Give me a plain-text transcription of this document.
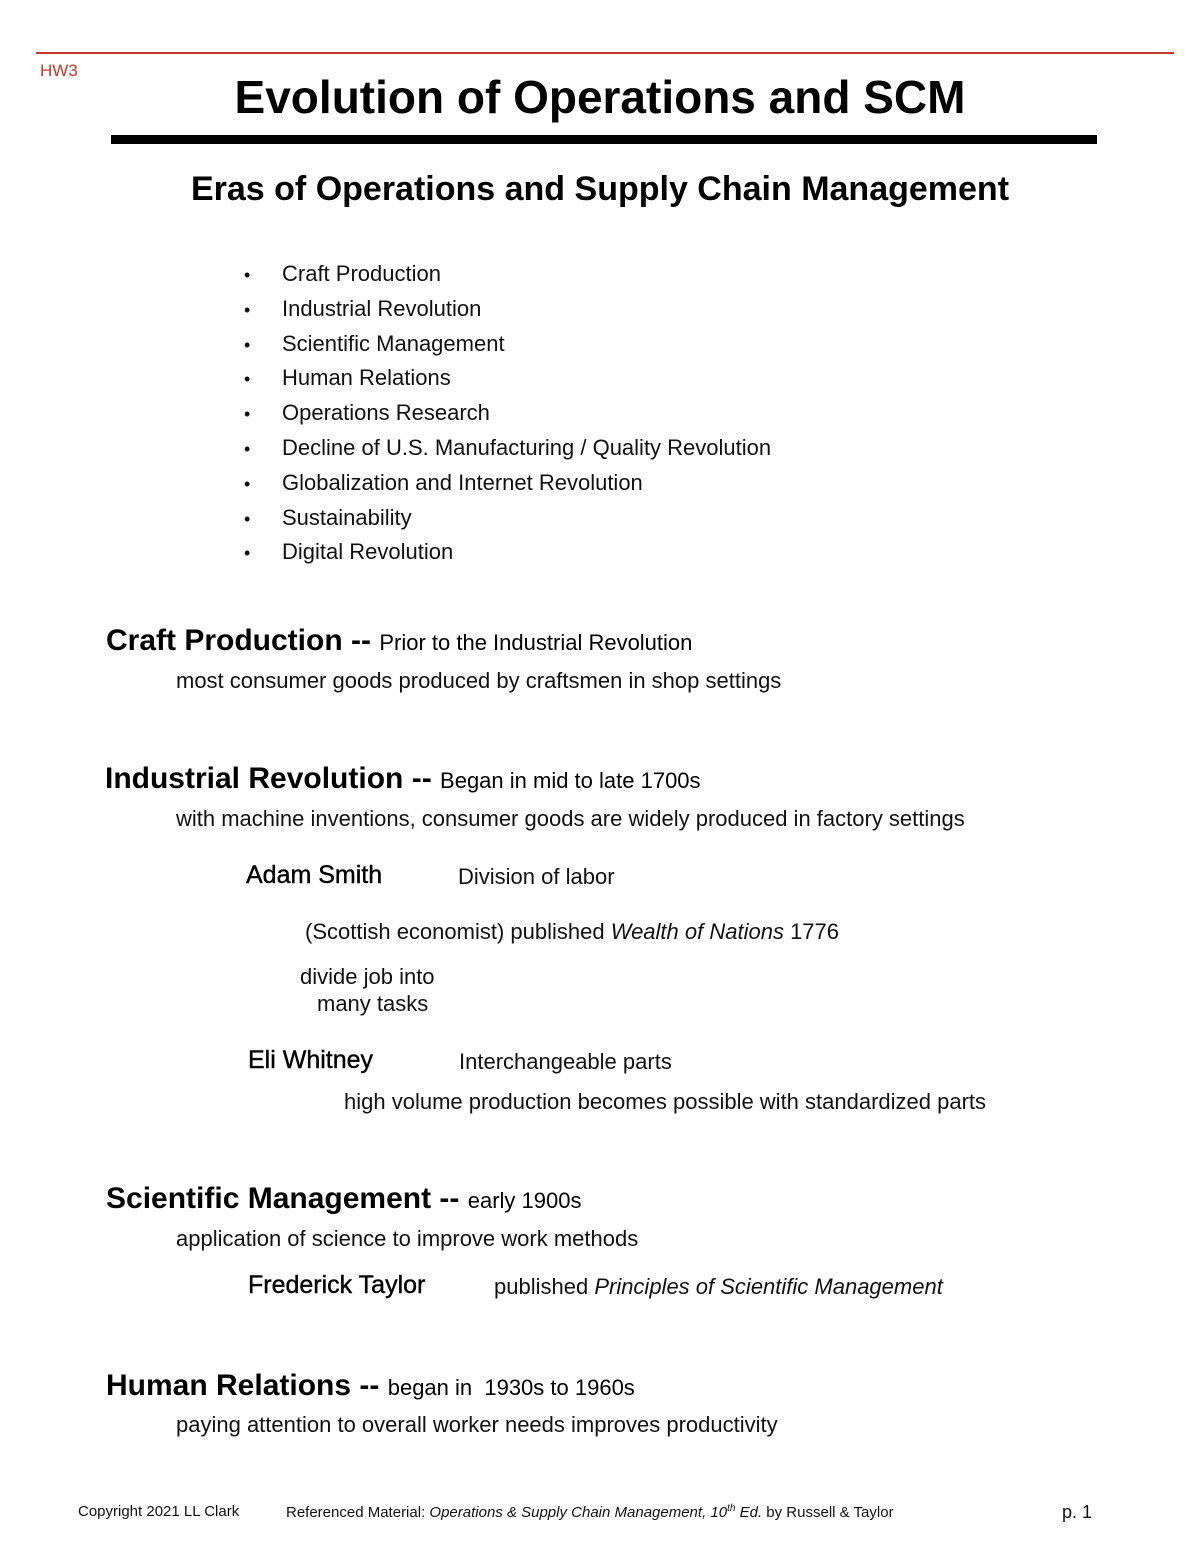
HW3
Evolution of Operations and SCM
Eras of Operations and Supply Chain Management
• Craft Production
• Industrial Revolution
• Scientific Management
• Human Relations
• Operations Research
• Decline of U.S. Manufacturing / Quality Revolution
• Globalization and Internet Revolution
• Sustainability
• Digital Revolution
Craft Production -- Prior to the Industrial Revolution
most consumer goods produced by craftsmen in shop settings
Industrial Revolution -- Began in mid to late 1700s
with machine inventions, consumer goods are widely produced in factory settings
Adam Smith	Division of labor
(Scottish economist) published Wealth of Nations 1776
divide job into
many tasks
Eli Whitney	Interchangeable parts
high volume production becomes possible with standardized parts
Scientific Management -- early 1900s
application of science to improve work methods
Frederick Taylor	published Principles of Scientific Management
Human Relations -- began in  1930s to 1960s
paying attention to overall worker needs improves productivity
Copyright 2021 LL Clark	Referenced Material: Operations & Supply Chain Management, 10th Ed. by Russell & Taylor	p. 1
